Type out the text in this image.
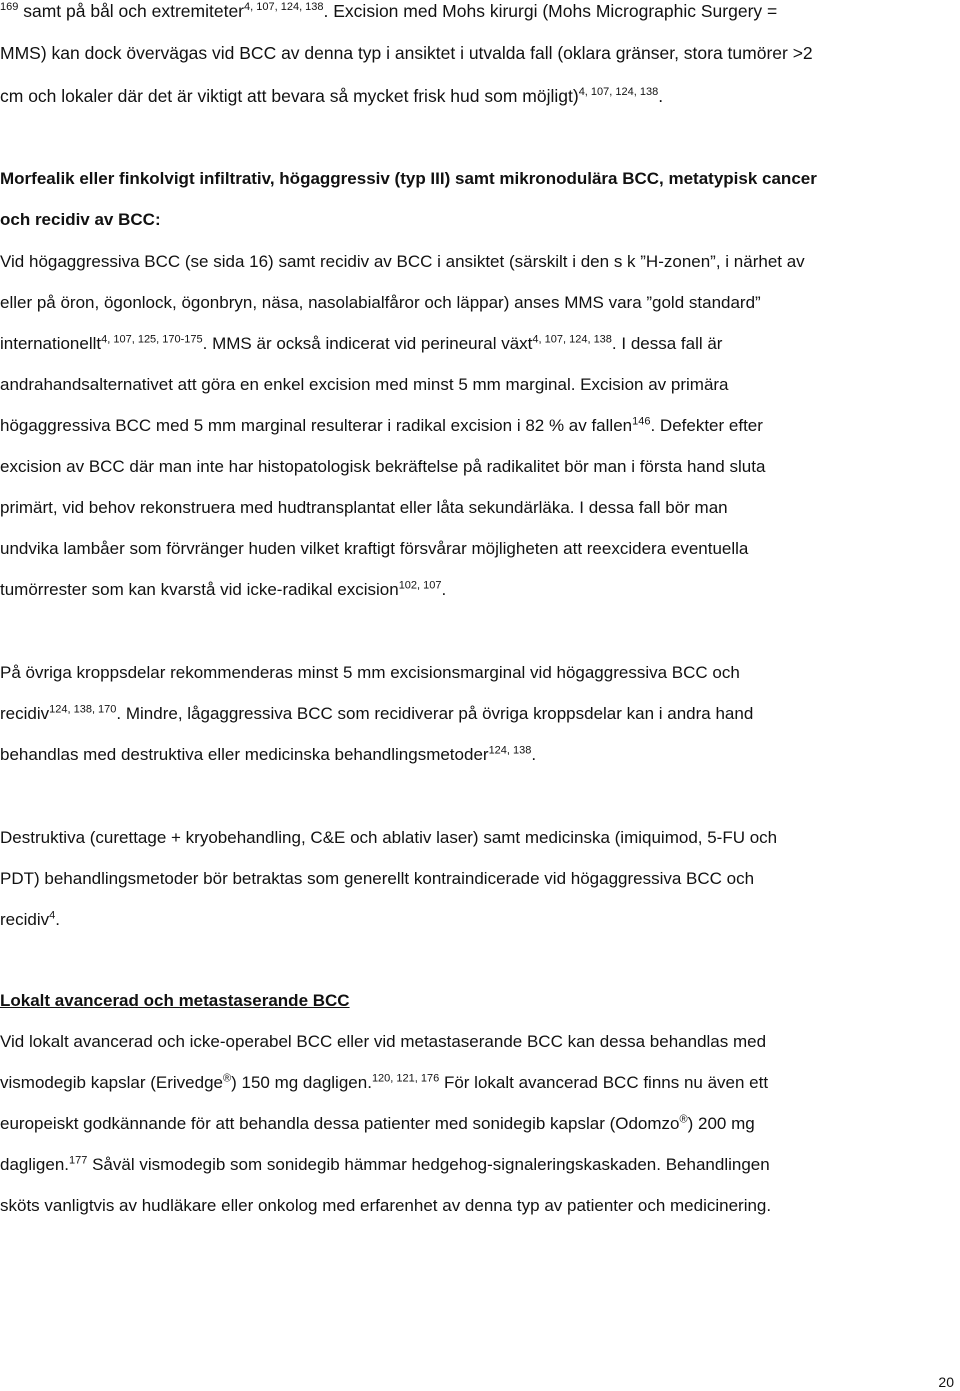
$^{169}$ samt på bål och extremiteter$^{4, 107, 124, 138}$. Excision med Mohs kirurgi (Mohs Micrographic Surgery =
MMS) kan dock övervägas vid BCC av denna typ i ansiktet i utvalda fall (oklara gränser, stora tumörer >2
cm och lokaler där det är viktigt att bevara så mycket frisk hud som möjligt)$^{4, 107, 124, 138}$.
Morfealik eller finkolvigt infiltrativ, högaggressiv (typ III) samt mikronodulära BCC, metatypisk cancer
och recidiv av BCC:
Vid högaggressiva BCC (se sida 16) samt recidiv av BCC i ansiktet (särskilt i den s k ”H-zonen”, i närhet av
eller på öron, ögonlock, ögonbryn, näsa, nasolabialfåror och läppar) anses MMS vara ”gold standard”
internationellt$^{4, 107, 125, 170-175}$. MMS är också indicerat vid perineural växt$^{4, 107, 124, 138}$. I dessa fall är
andrahandsalternativet att göra en enkel excision med minst 5 mm marginal. Excision av primära
högaggressiva BCC med 5 mm marginal resulterar i radikal excision i 82 % av fallen$^{146}$. Defekter efter
excision av BCC där man inte har histopatologisk bekräftelse på radikalitet bör man i första hand sluta
primärt, vid behov rekonstruera med hudtransplantat eller låta sekundärläka. I dessa fall bör man
undvika lambåer som förvränger huden vilket kraftigt försvårar möjligheten att reexcidera eventuella
tumörrester som kan kvarstå vid icke-radikal excision$^{102, 107}$.
På övriga kroppsdelar rekommenderas minst 5 mm excisionsmarginal vid högaggressiva BCC och
recidiv$^{124, 138, 170}$. Mindre, lågaggressiva BCC som recidiverar på övriga kroppsdelar kan i andra hand
behandlas med destruktiva eller medicinska behandlingsmetoder$^{124, 138}$.
Destruktiva (curettage + kryobehandling, C&E och ablativ laser) samt medicinska (imiquimod, 5-FU och
PDT) behandlingsmetoder bör betraktas som generellt kontraindicerade vid högaggressiva BCC och
recidiv$^4$.
Lokalt avancerad och metastaserande BCC
Vid lokalt avancerad och icke-operabel BCC eller vid metastaserande BCC kan dessa behandlas med
vismodegib kapslar (Erivedge®) 150 mg dagligen.$^{120, 121, 176}$ För lokalt avancerad BCC finns nu även ett
europeiskt godkännande för att behandla dessa patienter med sonidegib kapslar (Odomzo®) 200 mg
dagligen.$^{177}$ Såväl vismodegib som sonidegib hämmar hedgehog-signaleringskaskaden. Behandlingen
sköts vanligtvis av hudläkare eller onkolog med erfarenhet av denna typ av patienter och medicinering.
20
